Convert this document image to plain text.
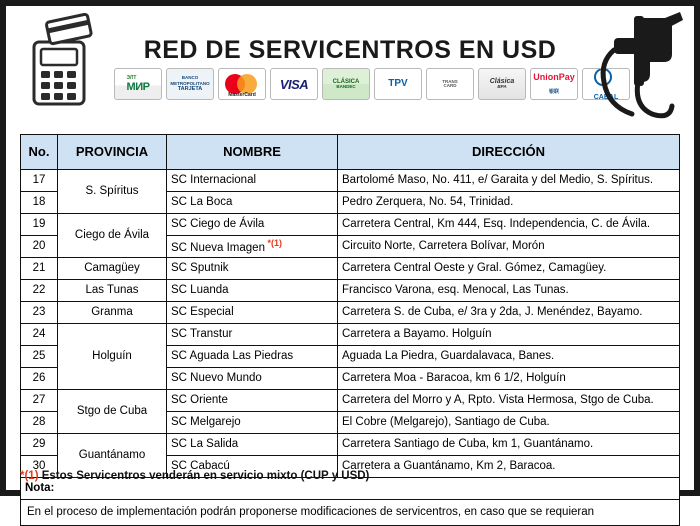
RED DE SERVICENTROS EN USD
ЭЛТ
МИР
BANCO
METROPOLITANO
TARJETA
MasterCard
VISA	CLÁSICA

BANDEC	TPV	TRANS
CARD
Clásica

BPA
UnionPay

银联

CABAL
No.	PROVINCIA	NOMBRE	DIRECCIÓN
17	S. Spíritus	SC Internacional	Bartolomé Maso, No. 411, e/ Garaita y del Medio, S. Spíritus.
18		SC La Boca	Pedro Zerquera, No. 54, Trinidad.
19	Ciego de Ávila	SC Ciego de Ávila	Carretera Central, Km 444, Esq. Independencia, C. de Ávila.
20		SC Nueva Imagen $^{*(1)}$	Circuito Norte, Carretera Bolívar, Morón
21	Camagüey	SC Sputnik	Carretera Central Oeste y Gral. Gómez, Camagüey.
22	Las Tunas	SC Luanda	Francisco Varona, esq. Menocal, Las Tunas.
23	Granma	SC Especial	Carretera S. de Cuba, e/ 3ra y 2da, J. Menéndez, Bayamo.
24	Holguín	SC Transtur	Carretera a Bayamo. Holguín
25		SC Aguada Las Piedras	Aguada La Piedra, Guardalavaca, Banes.
26		SC Nuevo Mundo	Carretera Moa - Baracoa, km 6 1/2, Holguín
27	Stgo de Cuba	SC Oriente	Carretera del Morro y A, Rpto. Vista Hermosa, Stgo de Cuba.
28		SC Melgarejo	El Cobre (Melgarejo), Santiago de Cuba.
29	Guantánamo	SC La Salida	Carretera Santiago de Cuba, km 1, Guantánamo.
30		SC Cabacú	Carretera a Guantánamo, Km 2, Baracoa.
Nota:			
En el proceso de implementación podrán proponerse modificaciones de servicentros, en caso que se requieran			
*(1) Estos Servicentros venderán en servicio mixto (CUP y USD)
